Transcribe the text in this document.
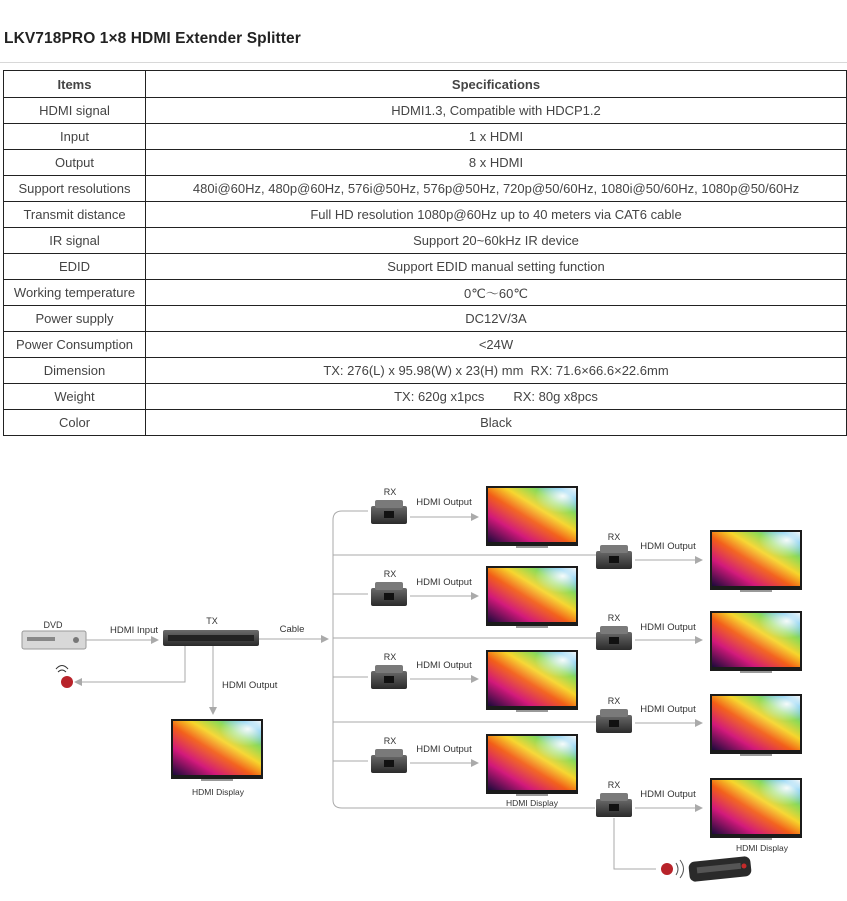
LKV718PRO 1×8 HDMI Extender Splitter
Items	Specifications
HDMI signal	HDMI1.3, Compatible with HDCP1.2
Input	1 x HDMI
Output	8 x HDMI
Support resolutions	480i@60Hz, 480p@60Hz, 576i@50Hz, 576p@50Hz, 720p@50/60Hz, 1080i@50/60Hz, 1080p@50/60Hz
Transmit distance	Full HD resolution 1080p@60Hz up to 40 meters via CAT6 cable
IR signal	Support 20~60kHz IR device
EDID	Support EDID manual setting function
Working temperature	0℃～60℃
Power supply	DC12V/3A
Power Consumption	<24W
Dimension	TX: 276(L) x 95.98(W) x 23(H) mm  RX: 71.6×66.6×22.6mm
Weight	TX: 620g x1pcs        RX: 80g x8pcs
Color	Black
DVD	HDMI Input
TX
Cable
HDMI Output
HDMI Display
RX
HDMI Output
RX
HDMI Output
RX
HDMI Output
RX
HDMI Output
HDMI Display
RX
HDMI Output
RX
HDMI Output
RX
HDMI Output
RX
HDMI Output
HDMI Display
